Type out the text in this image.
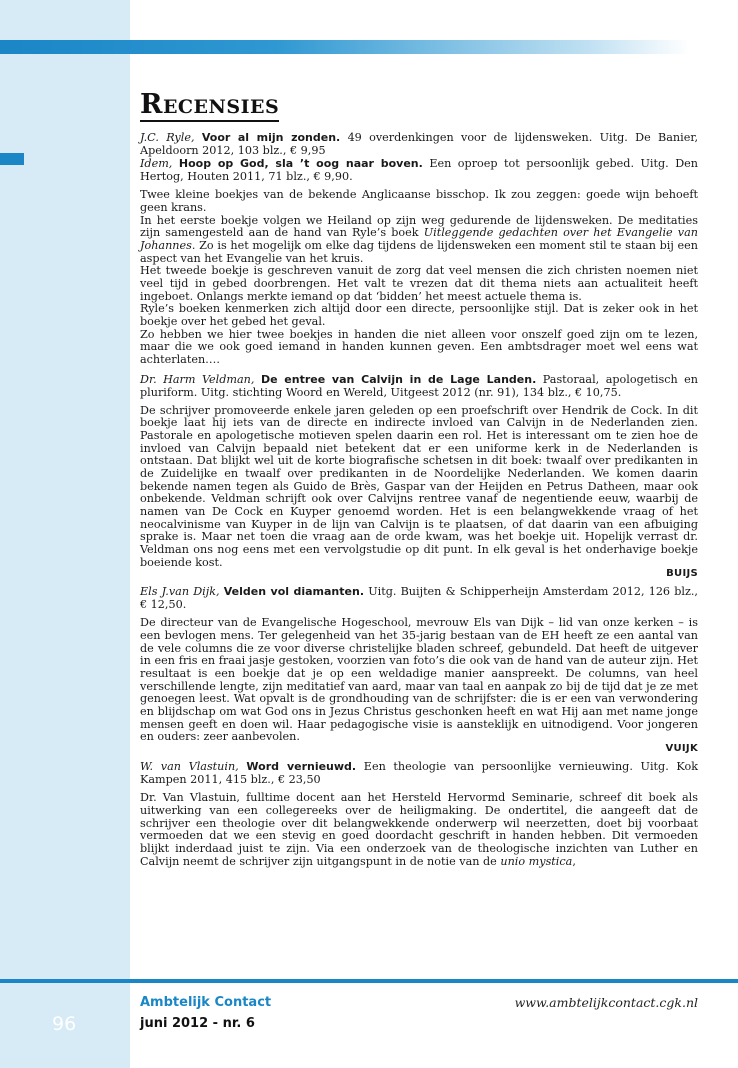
Recensies

J.C. Ryle, Voor al mijn zonden. 49 overdenkingen voor de lijdensweken. Uitg. De Banier, Apeldoorn 2012, 103 blz., € 9,95

Idem, Hoop op God, sla ’t oog naar boven. Een oproep tot persoonlijk gebed. Uitg. Den Hertog, Houten 2011, 71 blz., € 9,90.

Twee kleine boekjes van de bekende Anglicaanse bisschop. Ik zou zeggen: goede wijn behoeft geen krans.

In het eerste boekje volgen we Heiland op zijn weg gedurende de lijdensweken. De meditaties zijn samengesteld aan de hand van Ryle’s boek Uitleggende gedachten over het Evangelie van Johannes. Zo is het mogelijk om elke dag tijdens de lijdensweken een moment stil te staan bij een aspect van het Evangelie van het kruis.

Het tweede boekje is geschreven vanuit de zorg dat veel mensen die zich christen noemen niet veel tijd in gebed doorbrengen. Het valt te vrezen dat dit thema niets aan actualiteit heeft ingeboet. Onlangs merkte iemand op dat ‘bidden’ het meest actuele thema is.

Ryle’s boeken kenmerken zich altijd door een directe, persoonlijke stijl. Dat is zeker ook in het boekje over het gebed het geval.

Zo hebben we hier twee boekjes in handen die niet alleen voor onszelf goed zijn om te lezen, maar die we ook goed iemand in handen kunnen geven. Een ambtsdrager moet wel eens wat achterlaten….

Dr. Harm Veldman, De entree van Calvijn in de Lage Landen. Pastoraal, apologetisch en pluriform. Uitg. stichting Woord en Wereld, Uitgeest 2012 (nr. 91), 134 blz., € 10,75.

De schrijver promoveerde enkele jaren geleden op een proefschrift over Hendrik de Cock. In dit boekje laat hij iets van de directe en indirecte invloed van Calvijn in de Nederlanden zien. Pastorale en apologetische motieven spelen daarin een rol. Het is interessant om te zien hoe de invloed van Calvijn bepaald niet betekent dat er een uniforme kerk in de Nederlanden is ontstaan. Dat blijkt wel uit de korte biografische schetsen in dit boek: twaalf over predikanten in de Zuidelijke en twaalf over predikanten in de Noordelijke Nederlanden. We komen daarin bekende namen tegen als Guido de Brès, Gaspar van der Heijden en Petrus Datheen, maar ook onbekende. Veldman schrijft ook over Calvijns rentree vanaf de negentiende eeuw, waarbij de namen van De Cock en Kuyper genoemd worden. Het is een belangwekkende vraag of het neocalvinisme van Kuyper in de lijn van Calvijn is te plaatsen, of dat daarin van een afbuiging sprake is. Maar net toen die vraag aan de orde kwam, was het boekje uit. Hopelijk verrast dr. Veldman ons nog eens met een vervolgstudie op dit punt. In elk geval is het onderhavige boekje boeiende kost.

BUIJS

Els J.van Dijk, Velden vol diamanten. Uitg. Buijten & Schipperheijn Amsterdam 2012, 126 blz., € 12,50.

De directeur van de Evangelische Hogeschool, mevrouw Els van Dijk – lid van onze kerken – is een bevlogen mens. Ter gelegenheid van het 35-jarig bestaan van de EH heeft ze een aantal van de vele columns die ze voor diverse christelijke bladen schreef, gebundeld. Dat heeft de uitgever in een fris en fraai jasje gestoken, voorzien van foto’s die ook van de hand van de auteur zijn. Het resultaat is een boekje dat je op een weldadige manier aanspreekt. De columns, van heel verschillende lengte, zijn meditatief van aard, maar van taal en aanpak zo bij de tijd dat je ze met genoegen leest. Wat opvalt is de grondhouding van de schrijfster: die is er een van verwondering en blijdschap om wat God ons in Jezus Christus geschonken heeft en wat Hij aan met name jonge mensen geeft en doen wil. Haar pedagogische visie is aansteklijk en uitnodigend. Voor jongeren en ouders: zeer aanbevolen.

VUIJK

W. van Vlastuin, Word vernieuwd. Een theologie van persoonlijke vernieuwing. Uitg. Kok Kampen 2011, 415 blz., € 23,50

Dr. Van Vlastuin, fulltime docent aan het Hersteld Hervormd Seminarie, schreef dit boek als uitwerking van een collegereeks over de heiligmaking. De ondertitel, die aangeeft dat de schrijver een theologie over dit belangwekkende onderwerp wil neerzetten, doet bij voorbaat vermoeden dat we een stevig en goed doordacht geschrift in handen hebben. Dit vermoeden blijkt inderdaad juist te zijn. Via een onderzoek van de theologische inzichten van Luther en Calvijn neemt de schrijver zijn uitgangspunt in de notie van de unio mystica,

96
Ambtelijk Contact
juni 2012 - nr. 6
www.ambtelijkcontact.cgk.nl
